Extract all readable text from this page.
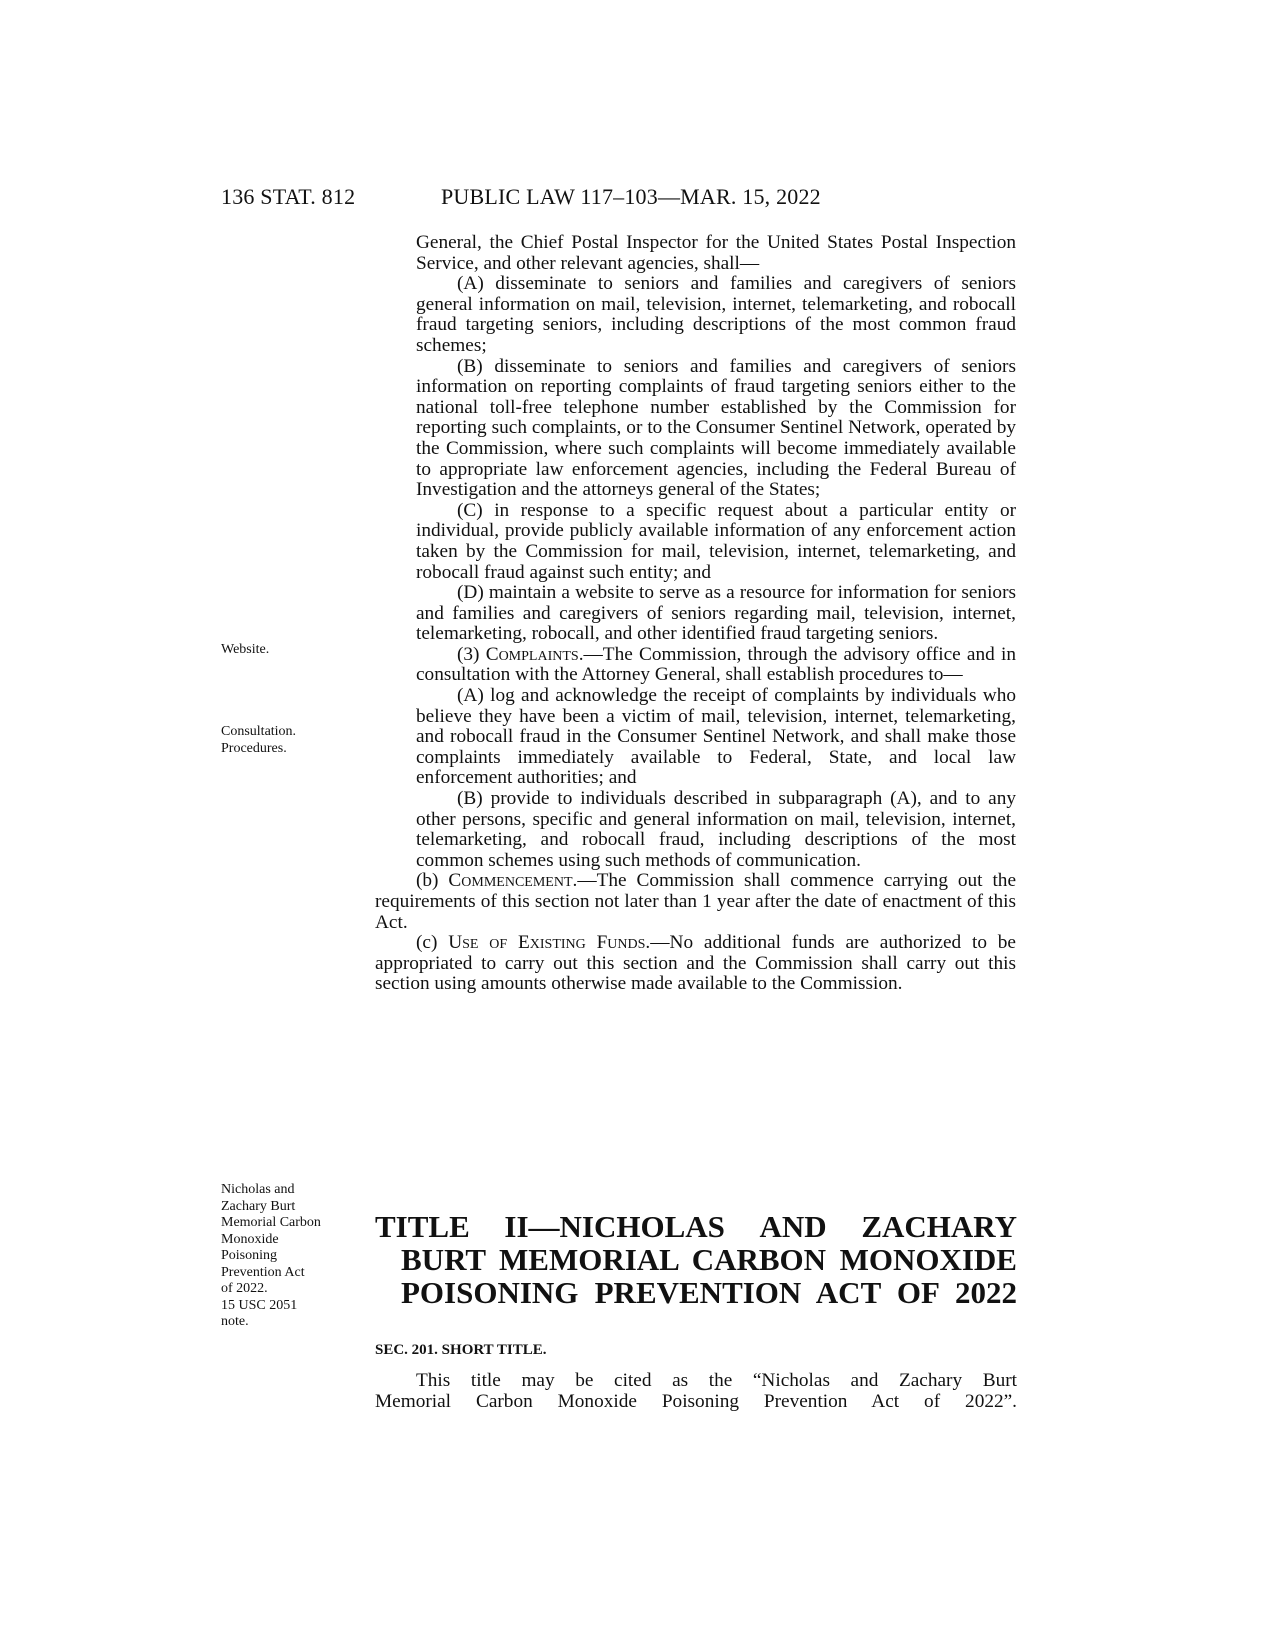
136 STAT. 812	PUBLIC LAW 117–103—MAR. 15, 2022
Website.
Consultation.
Procedures.
Nicholas and
Zachary Burt
Memorial Carbon
Monoxide
Poisoning
Prevention Act
of 2022.
15 USC 2051
note.

General, the Chief Postal Inspector for the United States Postal Inspection Service, and other relevant agencies, shall—

(A) disseminate to seniors and families and caregivers of seniors general information on mail, television, internet, telemarketing, and robocall fraud targeting seniors, including descriptions of the most common fraud schemes;

(B) disseminate to seniors and families and caregivers of seniors information on reporting complaints of fraud targeting seniors either to the national toll-free telephone number established by the Commission for reporting such complaints, or to the Consumer Sentinel Network, operated by the Commission, where such complaints will become immediately available to appropriate law enforcement agencies, including the Federal Bureau of Investigation and the attorneys general of the States;

(C) in response to a specific request about a particular entity or individual, provide publicly available information of any enforcement action taken by the Commission for mail, television, internet, telemarketing, and robocall fraud against such entity; and

(D) maintain a website to serve as a resource for information for seniors and families and caregivers of seniors regarding mail, television, internet, telemarketing, robocall, and other identified fraud targeting seniors.

(3) Complaints.—The Commission, through the advisory office and in consultation with the Attorney General, shall establish procedures to—

(A) log and acknowledge the receipt of complaints by individuals who believe they have been a victim of mail, television, internet, telemarketing, and robocall fraud in the Consumer Sentinel Network, and shall make those complaints immediately available to Federal, State, and local law enforcement authorities; and

(B) provide to individuals described in subparagraph (A), and to any other persons, specific and general information on mail, television, internet, telemarketing, and robocall fraud, including descriptions of the most common schemes using such methods of communication.

(b) Commencement.—The Commission shall commence carrying out the requirements of this section not later than 1 year after the date of enactment of this Act.

(c) Use of Existing Funds.—No additional funds are authorized to be appropriated to carry out this section and the Commission shall carry out this section using amounts otherwise made available to the Commission.

TITLE II—NICHOLAS AND ZACHARY
BURT MEMORIAL CARBON MONOXIDE
POISONING PREVENTION ACT OF 2022
SEC. 201. SHORT TITLE.
This title may be cited as the “Nicholas and Zachary Burt
Memorial Carbon Monoxide Poisoning Prevention Act of 2022”.
